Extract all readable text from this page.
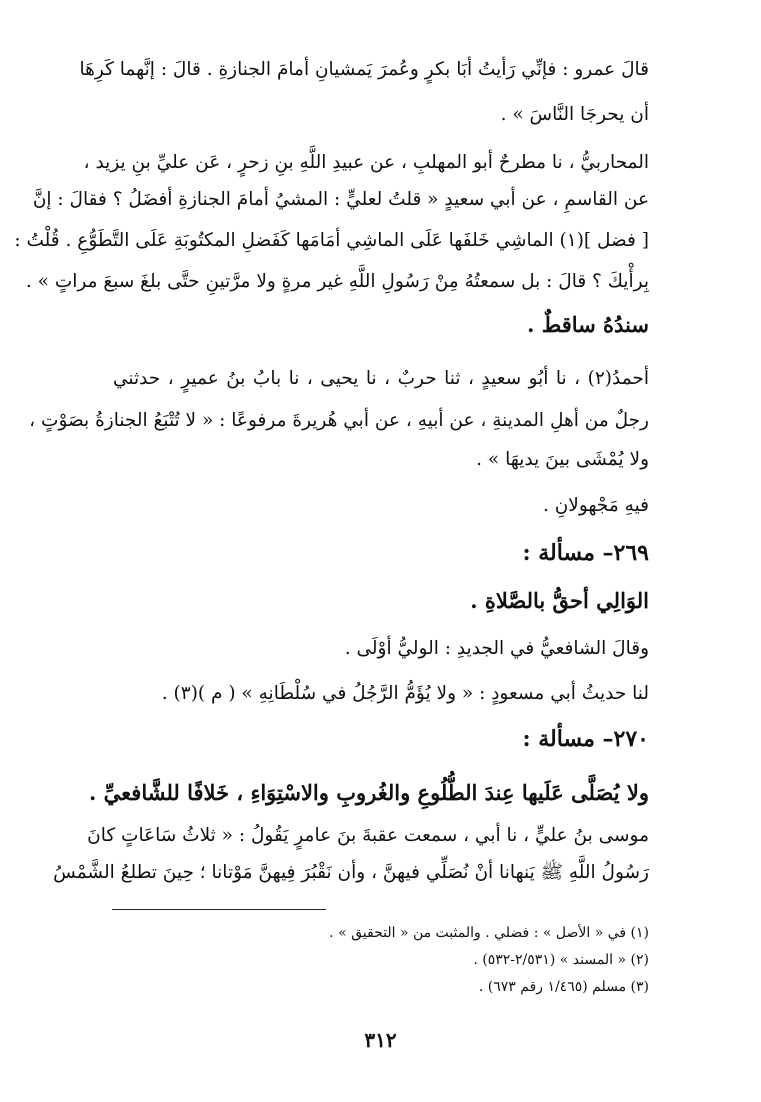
قالَ عمرو : فإنِّي رَأيتُ أبَا بكرٍ وعُمرَ يَمشيانِ أمامَ الجنازةِ . قالَ : إنَّهما كَرِهَا
أن يحرجَا النَّاسَ » .
المحاربيُّ ، نا مطرحٌ أبو المهلبِ ، عن عبيدِ اللَّهِ بنِ زحرٍ ، عَن عليِّ بنِ يزيد ،
عن القاسمِ ، عن أبي سعيدٍ « قلتُ لعليٍّ : المشيُ أمامَ الجنازةِ أفضَلُ ؟ فقالَ : إنَّ
[ فضل ](١) الماشِي خَلفَها عَلَى الماشِي أمَامَها كَفَضلِ المكتُوبَةِ عَلَى التَّطَوُّعِ . قُلْتُ :
بِرأْيكَ ؟ قالَ : بل سمعتُهُ مِنْ رَسُولِ اللَّهِ غير مرةٍ ولا مرَّتينِ حتَّى بلغَ سبعَ مراتٍ » .
سندُهُ ساقطٌ .
أحمدُ(٢) ، نا أبُو سعيدٍ ، ثنا حربٌ ، نا يحيى ، نا بابُ بنُ عميرٍ ، حدثني
رجلٌ من أهلِ المدينةِ ، عن أبيهِ ، عن أبي هُريرةَ مرفوعًا : « لا تُتْبَعُ الجنازةُ بصَوْتٍ ،
ولا يُمْشَى بينَ يديهَا » .
فيهِ مَجْهولانِ .
٢٦٩– مسألة :
الوَالِي أحقُّ بالصَّلاةِ .
وقالَ الشافعيُّ في الجديدِ : الوليُّ أوْلَى .
لنا حديثُ أبي مسعودٍ : « ولا يُؤَمُّ الرَّجُلُ في سُلْطَانِهِ » ( م )(٣) .
٢٧٠– مسألة :
ولا يُصَلَّى عَلَيها عِندَ الطُّلُوعِ والغُروبِ والاسْتِوَاءِ ، خَلافًا للشَّافعيِّ .
موسى بنُ عليٍّ ، نا أبي ، سمعت عقبةَ بنَ عامرٍ يَقُولُ : « ثلاثُ سَاعَاتٍ كانَ
رَسُولُ اللَّهِ ﷺ يَنهانا أنْ نُصَلِّي فيهنَّ ، وأن نَقْبُرَ فِيهنَّ مَوْتانا ؛ حِينَ تطلعُ الشَّمْسُ
(١) في « الأصل » : فضلي . والمثبت من « التحقيق » .
(٢) « المسند » (٢/٥٣١-٥٣٢) .
(٣) مسلم (١/٤٦٥ رقم ٦٧٣) .
٣١٢
